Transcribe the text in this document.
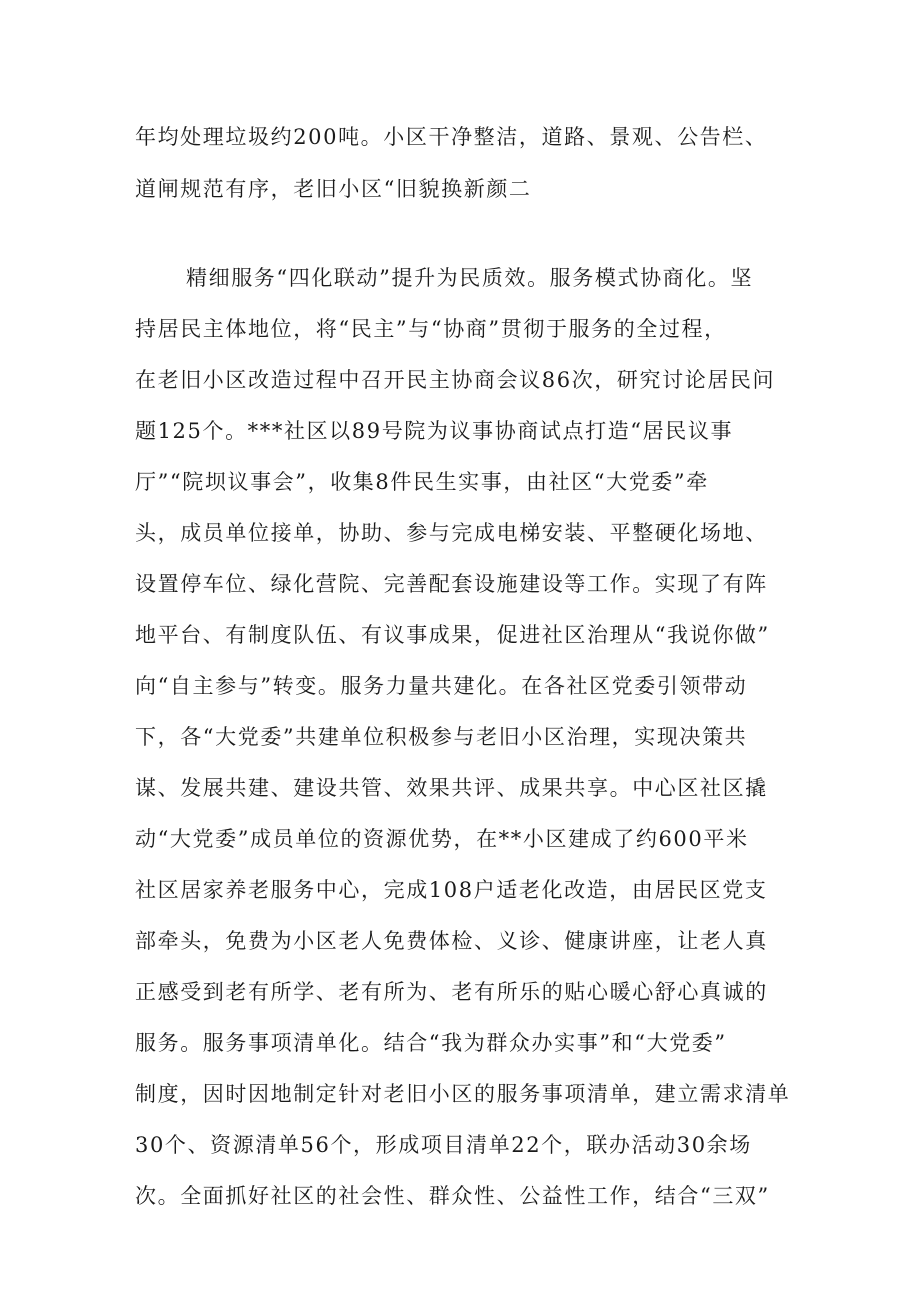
年均处理垃圾约200吨。小区干净整洁，道路、景观、公告栏、
道闸规范有序，老旧小区“旧貌换新颜二
精细服务“四化联动”提升为民质效。服务模式协商化。坚
持居民主体地位，将“民主”与“协商”贯彻于服务的全过程，
在老旧小区改造过程中召开民主协商会议86次，研究讨论居民问
题125个。***社区以89号院为议事协商试点打造“居民议事
厅”“院坝议事会”，收集8件民生实事，由社区“大党委”牵
头，成员单位接单，协助、参与完成电梯安装、平整硬化场地、
设置停车位、绿化营院、完善配套设施建设等工作。实现了有阵
地平台、有制度队伍、有议事成果，促进社区治理从“我说你做”
向“自主参与”转变。服务力量共建化。在各社区党委引领带动
下，各“大党委”共建单位积极参与老旧小区治理，实现决策共
谋、发展共建、建设共管、效果共评、成果共享。中心区社区撬
动“大党委”成员单位的资源优势，在**小区建成了约600平米
社区居家养老服务中心，完成108户适老化改造，由居民区党支
部牵头，免费为小区老人免费体检、义诊、健康讲座，让老人真
正感受到老有所学、老有所为、老有所乐的贴心暖心舒心真诚的
服务。服务事项清单化。结合“我为群众办实事”和“大党委”
制度，因时因地制定针对老旧小区的服务事项清单，建立需求清单
30个、资源清单56个，形成项目清单22个，联办活动30余场
次。全面抓好社区的社会性、群众性、公益性工作，结合“三双”
